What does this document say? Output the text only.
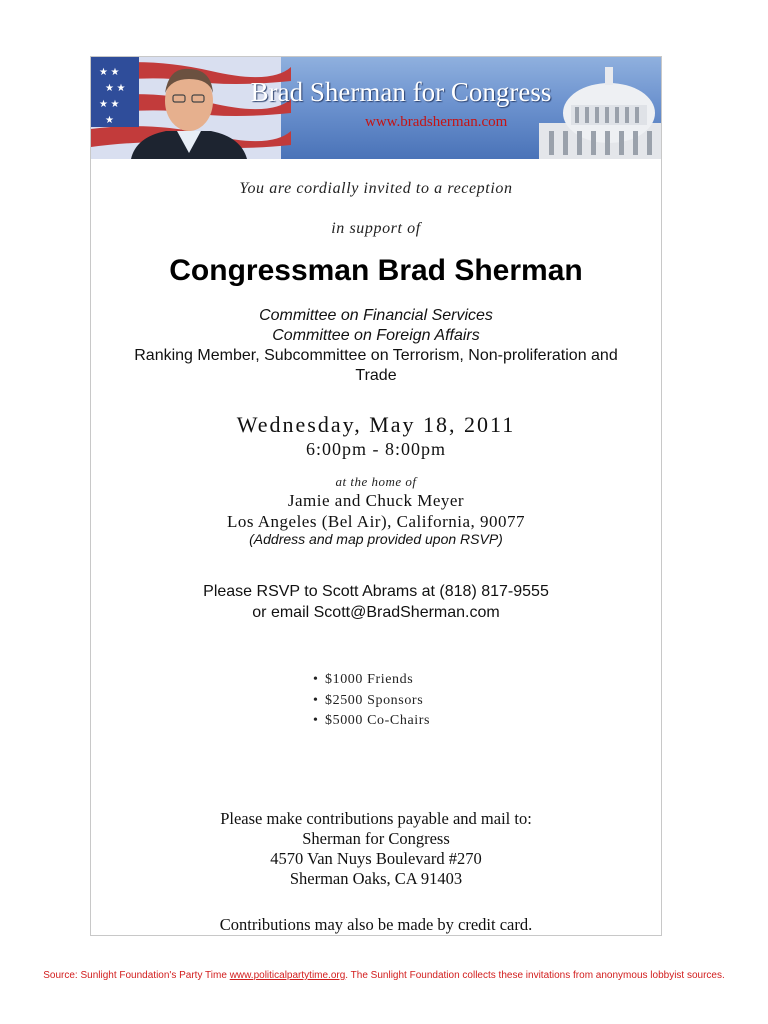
★ ★
★ ★
★ ★
★
Brad Sherman for Congress
www.bradsherman.com
You are cordially invited to a reception
in support of
Congressman Brad Sherman
Committee on Financial Services
Committee on Foreign Affairs
Ranking Member, Subcommittee on Terrorism, Non-proliferation and
Trade
Wednesday, May 18, 2011
6:00pm - 8:00pm
at the home of
Jamie and Chuck Meyer
Los Angeles (Bel Air), California, 90077
(Address and map provided upon RSVP)
Please RSVP to Scott Abrams at (818) 817-9555
or email Scott@BradSherman.com
• $1000 Friends
• $2500 Sponsors
• $5000 Co-Chairs
Please make contributions payable and mail to:
Sherman for Congress
4570 Van Nuys Boulevard #270
Sherman Oaks, CA 91403
Contributions may also be made by credit card.
Source: Sunlight Foundation's Party Time www.politicalpartytime.org. The Sunlight Foundation collects these invitations from anonymous lobbyist sources.
